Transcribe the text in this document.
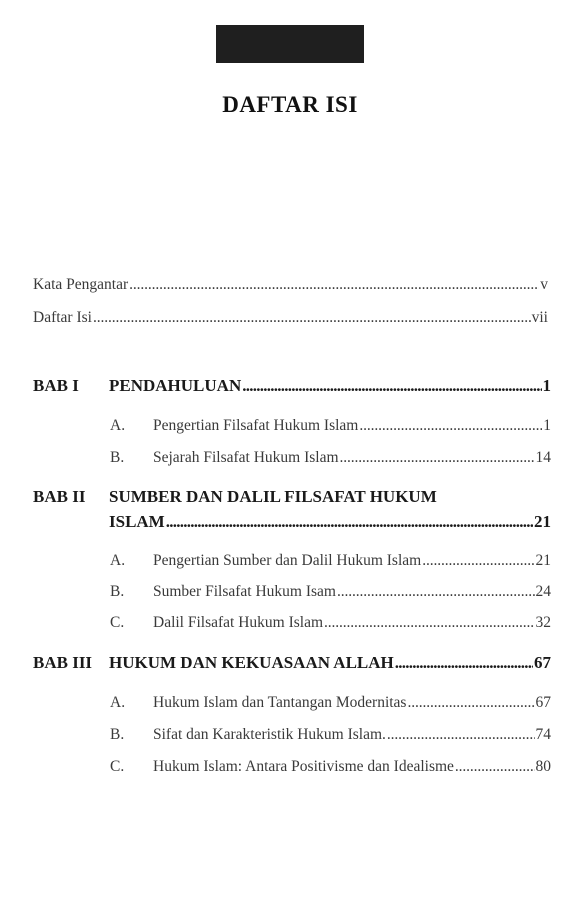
DAFTAR ISI
Kata Pengantar . . .	v
Daftar Isi . . .	vii
BAB I	PENDAHULUAN . . .	1
A.	Pengertian Filsafat Hukum Islam . . .	1
B.	Sejarah Filsafat Hukum Islam . . .	14
BAB II	SUMBER DAN DALIL FILSAFAT HUKUM
ISLAM . . .	21
A.	Pengertian Sumber dan Dalil Hukum Islam . . .	21
B.	Sumber Filsafat Hukum Isam . . .	24
C.	Dalil Filsafat Hukum Islam . . .	32
BAB III HUKUM DAN KEKUASAAN ALLAH . . .	67
A.	Hukum Islam dan Tantangan Modernitas . . .	67
B.	Sifat dan Karakteristik Hukum Islam. . . .	74
C.	Hukum Islam: Antara Positivisme dan Idealisme . . .	80
